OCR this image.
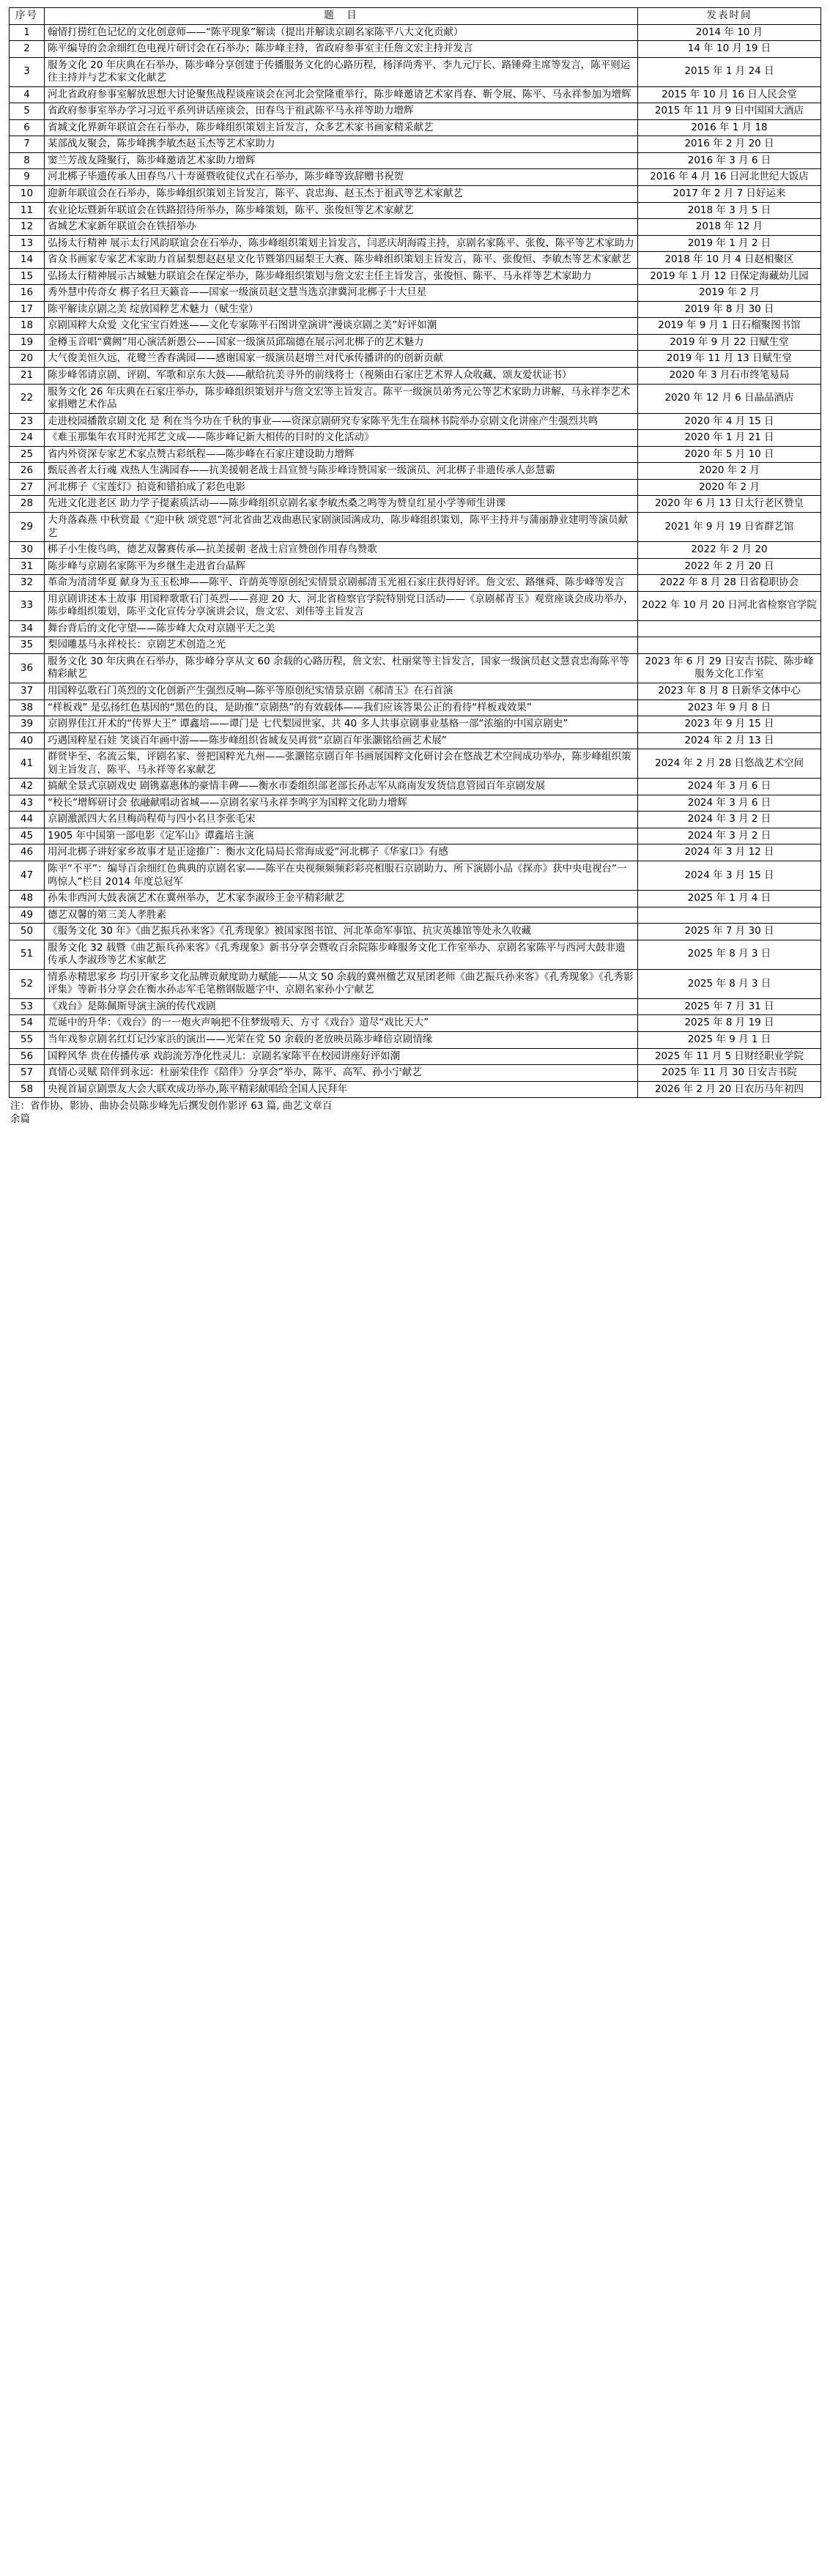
序号	题　目	发表时间
1	翰情打捞红色记忆的文化创意师——“陈平现象”解读（提出并解读京剧名家陈平八大文化贡献）	2014 年 10 月
2	陈平编导的会余细红色电视片研讨会在石举办；陈步峰主持，省政府参事室主任詹文宏主持并发言	14 年 10 月 19 日
3	服务文化 20 年庆典在石举办，陈步峰分享创建于传播服务文化的心路历程，杨泽尚秀平、李九元厅长、路锤舜主席等发言，陈平则运往主持并与艺术家文化献艺	2015 年 1 月 24 日
4	河北省政府参事室解放思想大讨论聚焦战程谈座谈会在河北会堂隆重举行，陈步峰邀请艺术家肖春、靳令展、陈平、马永祥参加为增辉	2015 年 10 月 16 日人民会堂
5	省政府参事室举办学习习近平系列讲话座谈会，田春鸟于祖武陈平马永祥等助力增辉	2015 年 11 月 9 日中国国大酒店
6	省城文化界新年联谊会在石举办，陈步峰组织策划主旨发言，众多艺术家书画家精采献艺	2016 年 1 月 18
7	某部战友聚会，陈步峰携李敏杰赵玉杰等艺术家助力	2016 年 2 月 20 日
8	窦兰芳战友隆聚行，陈步峰邀请艺术家助力增辉	2016 年 3 月 6 日
9	河北梆子毕遗传承人田春鸟八十寿诞暨收徒仪式在石举办，陈步峰等致辞赠书祝贺	2016 年 4 月 16 日河北世纪大饭店
10	迎新年联谊会在石举办，陈步峰组织策划主旨发言，陈平、袁忠海、赵玉杰于祖武等艺术家献艺	2017 年 2 月 7 日好运来
11	农业论坛暨新年联谊会在铁路招待所举办，陈步峰策划，陈平、张俊恒等艺术家献艺	2018 年 3 月 5 日
12	省城艺术家新年联谊会在铁招举办	2018 年 12 月
13	弘扬太行精神 展示太行风韵联谊会在石举办，陈步峰组织策划主旨发言，闫恶庆胡海霞主持，京剧名家陈平、张俊、陈平等艺术家助力	2019 年 1 月 2 日
14	省众书画家专家艺术家助力首届梨想赵赵星文化节暨第四届梨王大赛、陈步峰组织策划主旨发言，陈平、张俊恒、李敏杰等艺术家献艺	2018 年 10 月 4 日赵相聚区
15	弘扬太行精神展示古城魅力联谊会在保定举办，陈步峰组织策划与詹文宏主任主旨发言，张俊恒、陈平、马永祥等艺术家助力	2019 年 1 月 12 日保定海藏幼儿园
16	秀外慧中传奇女 梆子名旦天籁音——国家一级演员赵文慧当选京津冀河北梆子十大旦星	2019 年 2 月
17	陈平解读京剧之美 绽放国粹艺术魅力（赋生堂）	2019 年 8 月 30 日
18	京剧国粹大众爱 文化宝宝百姓迷——文化专家陈平石图讲堂演讲“漫谈京剧之美”好评如潮	2019 年 9 月 1 日石榴聚图书馆
19	金樽玉音唱“冀阙”用心演活新愚公——国家一级演员邱瑞德在展示河北梆子的艺术魅力	2019 年 9 月 22 日赋生堂
20	大气俊美恒久远，花鹭兰香春满园——感谢国家一级演员赵增兰对代承传播讲的的创新贡献	2019 年 11 月 13 日赋生堂
21	陈步峰邻请京剧、评剧、军歌和京东大鼓——献给抗美寻外的前线将士（视频由石家庄艺术界人众收藏、颂友爱状证书）	2020 年 3 月石市终笔易局
22	服务文化 26 年庆典在石家庄举办，陈步峰组织策划并与詹文宏等主旨发言。陈平一级演员弟秀元公等艺术家助力讲解，马永祥李艺术家捐赠艺术作品	2020 年 12 月 6 日晶品酒店
23	走进校园播散京剧文化 是 利在当今功在千秋的事业——资深京剧研究专家陈平先生在瑞林书院举办京剧文化讲座产生强烈共鸣	2020 年 4 月 15 日
24	《难玉那集年农耳时光邦艺文成——陈步峰记新大相传的目时的文化活动》	2020 年 1 月 21 日
25	省内外资深专家艺术家点赞古彩纸程——陈步峰在石家庄建设助力增辉	2020 年 5 月 10 日
26	甄辰善者太行魂 戏热人生满园春——抗美援朝老战士昌宣赞与陈步峰诗赞国家一级演员、河北梆子非遗传承人彭慧霸	2020 年 2 月
27	河北梆子《宝莲灯》拍竟和错拍成了彩色电影	2020 年 2 月
28	先进文化进老区 助力学子提素质活动——陈步峰组织京剧名家李敏杰桑之鸣等为赞皇红星小学等师生讲课	2020 年 6 月 13 日太行老区赞皇
29	大舟落森燕 中秋赏最《“迎中秋 颂党恩”河北省曲艺戏曲惠民家剧演园满成功，陈步峰组织策划，陈平主持并与蒲丽静业建明等演员献艺	2021 年 9 月 19 日省群艺馆
30	梆子小生俊鸟鸣，德艺双馨赛传承—抗美援朝 老战士启宣赞创作用春鸟赞歌	2022 年 2 月 20
31	陈步峰与京剧名家陈平为乡继生走进省台晶辉	2022 年 2 月 20 日
32	革命为清清华夏 献身为玉玉松坤——陈平、许荫英等原创纪实情景京剧郝清玉光祖石家庄获得好评。詹文宏、路继舜、陈步峰等发言	2022 年 8 月 28 日省稳职协会
33	用京剧讲述本土故事 用国粹歌歌石门英烈——喜迎 20 大、河北省检察官学院特别党日活动——《京剧郝青玉》观赏座谈会成功举办，陈步峰组织策划，陈平文化宣传分享演讲会议，詹文宏、刘伟等主旨发言	2022 年 10 月 20 日河北省检察官学院
34	舞台背后的文化守望——陈步峰大众对京剧平天之美	
35	梨园雕基马永祥校长：京剧艺术创造之光	
36	服务文化 30 年庆典在石举办，陈步峰分享从文 60 余载的心路历程，詹文宏、杜丽棠等主旨发言，国家一级演员赵文慧袁忠海陈平等精彩献艺	2023 年 6 月 29 日安吉书院、陈步峰服务文化工作室
37	用国粹弘歌石门英烈的文化创新产生强烈反响—陈平等原创纪实情景京剧《郝清玉》在石首演	2023 年 8 月 8 日新华文体中心
38	“样板戏” 是弘扬红色基因的“黑色的良，是助推”京剧热”的有效载体——我们应该答果公正的看待“样板戏效果”	2023 年 9 月 8 日
39	京剧界佳江开术的“传界大王” 谭鑫培——谭门是 七代梨园世家，共 40 多人共事京剧事业基格一部“浓缩的中国京剧史”	2023 年 9 月 15 日
40	巧遇国粹星石娃 笑谈百年画中游——陈步峰组织省城友吴再赏“京剧百年张灏铭给画艺术展”	2024 年 2 月 13 日
41	群贤毕至、名流云集，评剧名家、誉把国粹光九州——张灏铭京剧百年书画展国粹文化研讨会在悠战艺术空间成功举办，陈步峰组织策划主旨发言，陈平、马永祥等名家献艺	2024 年 2 月 28 日悠战艺术空间
42	搞献全景式京剧戏史 剧镌嘉惠体的豪情丰碑——衡水市委组织部老部长孙志军从商南发发货信息管园百年京剧发展	2024 年 3 月 6 日
43	“校长”增辉研讨会 依融献唱动省城——京剧名家马永祥李鸣宇为国粹文化助力增辉	2024 年 3 月 6 日
44	京剧激派四大名旦梅尚程荀与四小名旦李张毛宋	2024 年 3 月 2 日
45	1905 年中国第一部电影《定军山》谭鑫培主演	2024 年 3 月 2 日
46	用河北梆子讲好家乡故事才是正途推广：衡水文化局局长常海成爱“河北梆子《华家口》有感	2024 年 3 月 12 日
47	陈平“不平”：编导百余细红色典典的京剧名家——陈平在央视频频频彩彩亮相服石京剧助力、所下演剧小品《探亦》获中央电视台“一鸣惊人”栏目 2014 年度总冠军	2024 年 3 月 15 日
48	孙朱非西河大鼓表演艺术在冀州举办，艺术家李淑珍王金平精彩献艺	2025 年 1 月 4 日
49	德艺双馨的第三美人孝胜素	
50	《服务文化 30 年》《曲艺振兵孙来客》《孔秀现象》被国家图书馆、河北革命军事馆、抗灾英雄馆等处永久收藏	2025 年 7 月 30 日
51	服务文化 32 载暨《曲艺振兵孙来客》《孔秀现象》新书分享会暨收百余院陈步峰服务文化工作室举办、京剧名家陈平与西河大鼓非遗传承人李淑珍等艺术家献艺	2025 年 8 月 3 日
52	情系赤精思家乡 均引开家乡文化品牌贡献度助力赋能——从文 50 余载的冀州楹艺双星团老师《曲艺振兵孙来客》《孔秀现象》《孔秀影评集》等新书分享会在衡水孙志军毛笔楷钢版题字中、京剧名家孙小宁献艺	2025 年 8 月 3 日
53	《戏台》是陈佩斯导演主演的传代戏剧	2025 年 7 月 31 日
54	荒诞中的升华：《戏台》的一一炮火声响把不住梦级嘻天、方寸《戏台》道尽“戏比天大”	2025 年 8 月 19 日
55	当年戏参京剧名红灯记沙家浜的演出——光荣在党 50 余载的老放映员陈步峰倍京剧情缘	2025 年 9 月 1 日
56	国粹风华 贵在传播传承 戏韵流芳净化性灵儿：京剧名家陈平在校园讲座好评如潮	2025 年 11 月 5 日财经职业学院
57	真情心灵赋 陪伴到永远：杜丽荣佳作《陪伴》分享会”举办，陈平、高军、孙小宁献艺	2025 年 11 月 30 日安吉书院
58	央视首届京剧票友大会大联欢成功举办,陈平精彩献唱给全国人民拜年	2026 年 2 月 20 日农历马年初四
注：省作协、影协、曲协会员陈步峰先后撰发创作影评 63 篇, 曲艺文章百
余篇
